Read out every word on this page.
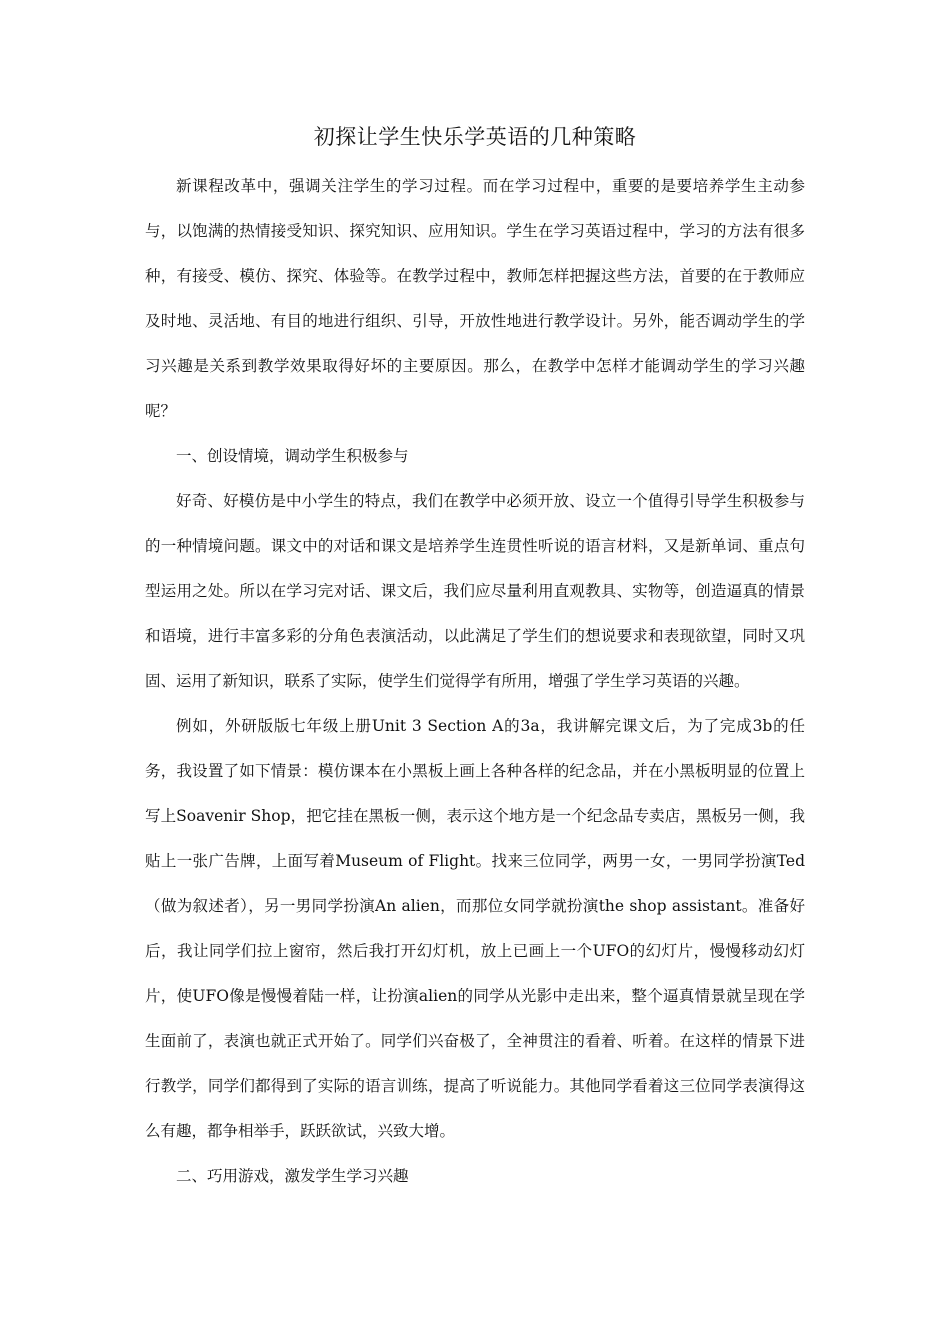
初探让学生快乐学英语的几种策略

新课程改革中，强调关注学生的学习过程。而在学习过程中，重要的是要培养学生主动参与，以饱满的热情接受知识、探究知识、应用知识。学生在学习英语过程中，学习的方法有很多种，有接受、模仿、探究、体验等。在教学过程中，教师怎样把握这些方法，首要的在于教师应及时地、灵活地、有目的地进行组织、引导，开放性地进行教学设计。另外，能否调动学生的学习兴趣是关系到教学效果取得好坏的主要原因。那么，在教学中怎样才能调动学生的学习兴趣呢？

一、创设情境，调动学生积极参与

好奇、好模仿是中小学生的特点，我们在教学中必须开放、设立一个值得引导学生积极参与的一种情境问题。课文中的对话和课文是培养学生连贯性听说的语言材料，又是新单词、重点句型运用之处。所以在学习完对话、课文后，我们应尽量利用直观教具、实物等，创造逼真的情景和语境，进行丰富多彩的分角色表演活动，以此满足了学生们的想说要求和表现欲望，同时又巩固、运用了新知识，联系了实际，使学生们觉得学有所用，增强了学生学习英语的兴趣。

例如，外研版版七年级上册Unit 3 Section A的3a，我讲解完课文后，为了完成3b的任务，我设置了如下情景：模仿课本在小黑板上画上各种各样的纪念品，并在小黑板明显的位置上写上Soavenir Shop，把它挂在黑板一侧，表示这个地方是一个纪念品专卖店，黑板另一侧，我贴上一张广告牌，上面写着Museum of Flight。找来三位同学，两男一女，一男同学扮演Ted（做为叙述者），另一男同学扮演An alien，而那位女同学就扮演the shop assistant。准备好后，我让同学们拉上窗帘，然后我打开幻灯机，放上已画上一个UFO的幻灯片，慢慢移动幻灯片，使UFO像是慢慢着陆一样，让扮演alien的同学从光影中走出来，整个逼真情景就呈现在学生面前了，表演也就正式开始了。同学们兴奋极了，全神贯注的看着、听着。在这样的情景下进行教学，同学们都得到了实际的语言训练，提高了听说能力。其他同学看着这三位同学表演得这么有趣，都争相举手，跃跃欲试，兴致大增。

二、巧用游戏，激发学生学习兴趣
